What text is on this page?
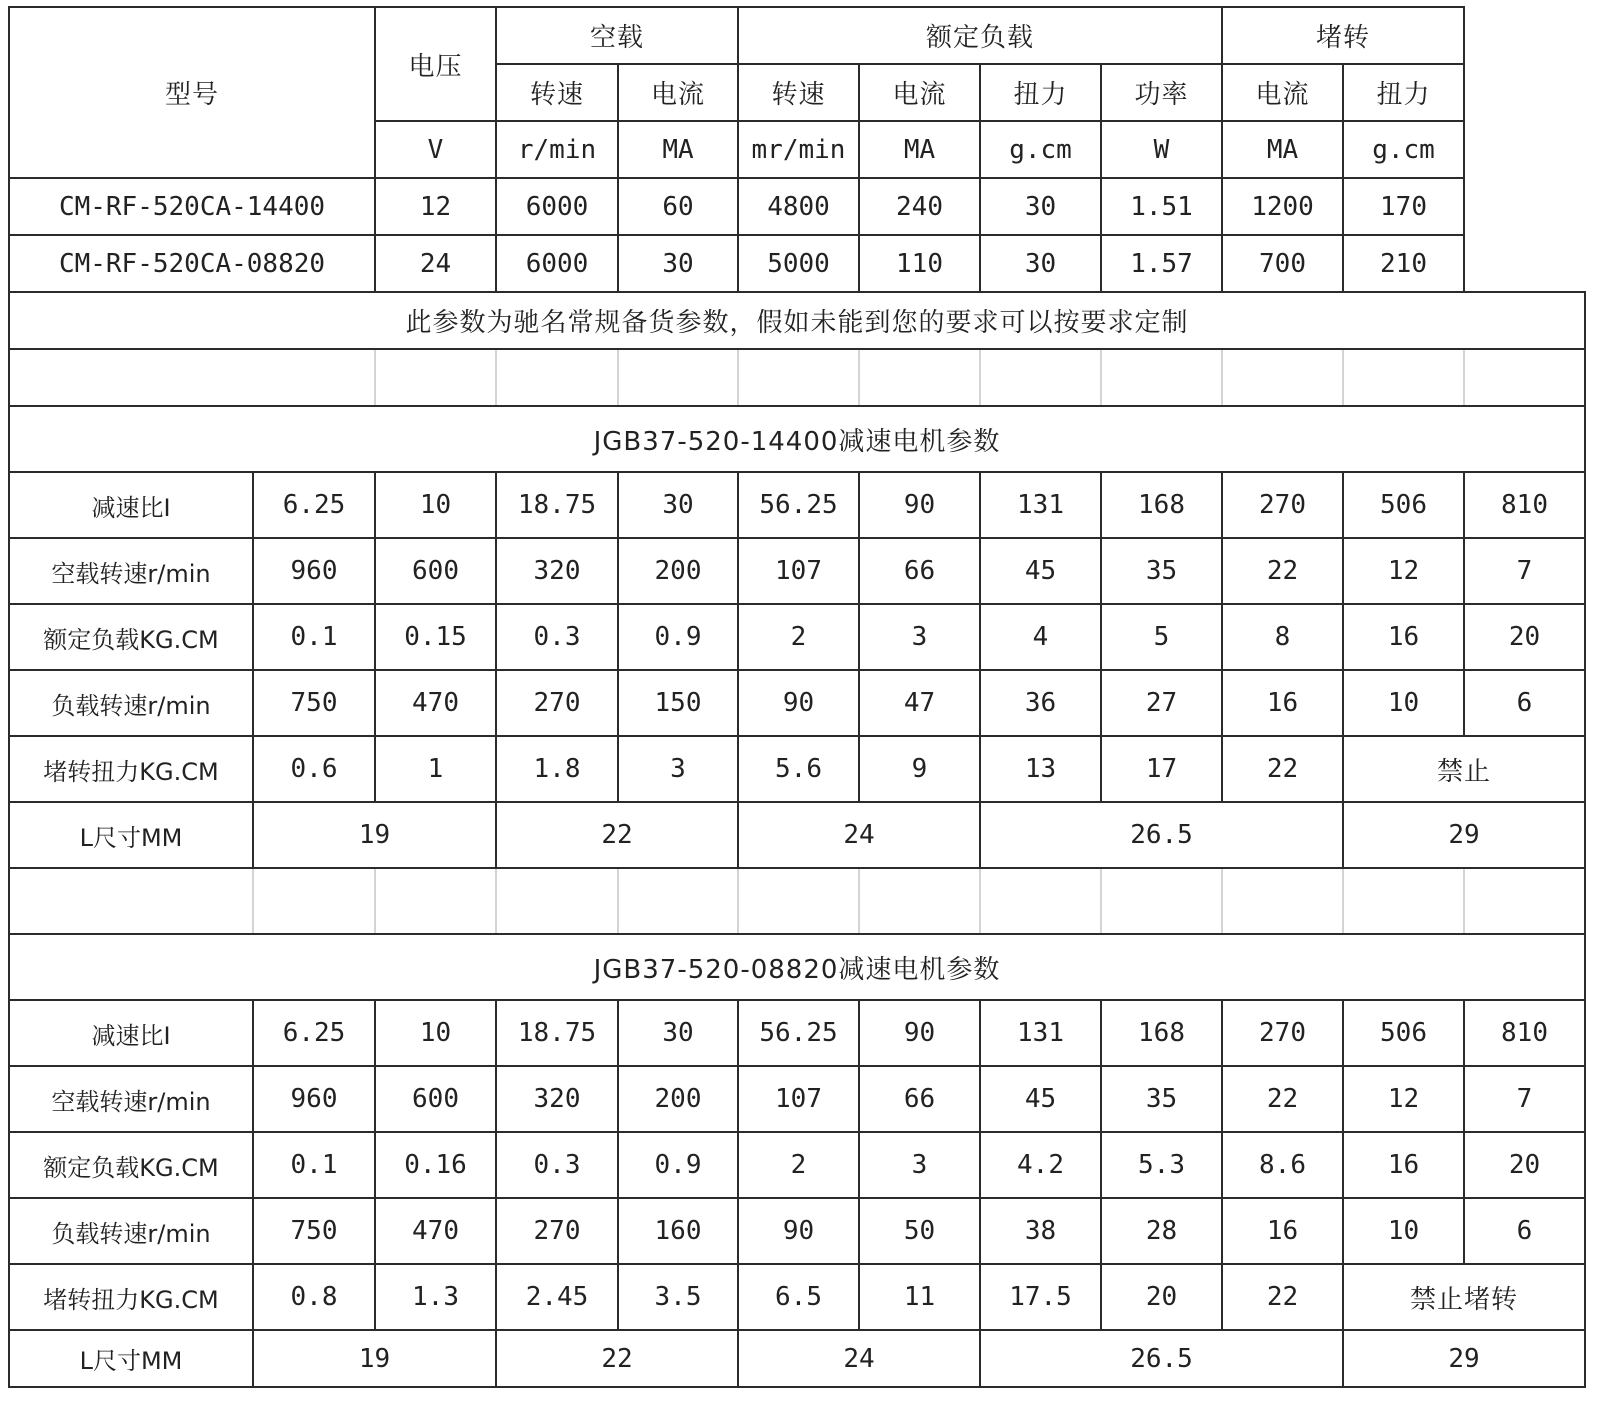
型号		电压	空载		额定负载				堵转		
			转速	电流	转速	电流	扭力	功率	电流	扭力	
		V	r/min	MA	mr/min	MA	g.cm	W	MA	g.cm	
CM-RF-520CA-14400		12	6000	60	4800	240	30	1.51	1200	170	
CM-RF-520CA-08820		24	6000	30	5000	110	30	1.57	700	210	
此参数为驰名常规备货参数，假如未能到您的要求可以按要求定制											

JGB37-520-14400减速电机参数											
减速比I	6.25	10	18.75	30	56.25	90	131	168	270	506	810
空载转速r/min	960	600	320	200	107	66	45	35	22	12	7
额定负载KG.CM	0.1	0.15	0.3	0.9	2	3	4	5	8	16	20
负载转速r/min	750	470	270	150	90	47	36	27	16	10	6
堵转扭力KG.CM	0.6	1	1.8	3	5.6	9	13	17	22	禁止	
L尺寸MM	19		22		24		26.5			29	

JGB37-520-08820减速电机参数											
减速比I	6.25	10	18.75	30	56.25	90	131	168	270	506	810
空载转速r/min	960	600	320	200	107	66	45	35	22	12	7
额定负载KG.CM	0.1	0.16	0.3	0.9	2	3	4.2	5.3	8.6	16	20
负载转速r/min	750	470	270	160	90	50	38	28	16	10	6
堵转扭力KG.CM	0.8	1.3	2.45	3.5	6.5	11	17.5	20	22	禁止堵转	
L尺寸MM	19		22		24		26.5			29	
